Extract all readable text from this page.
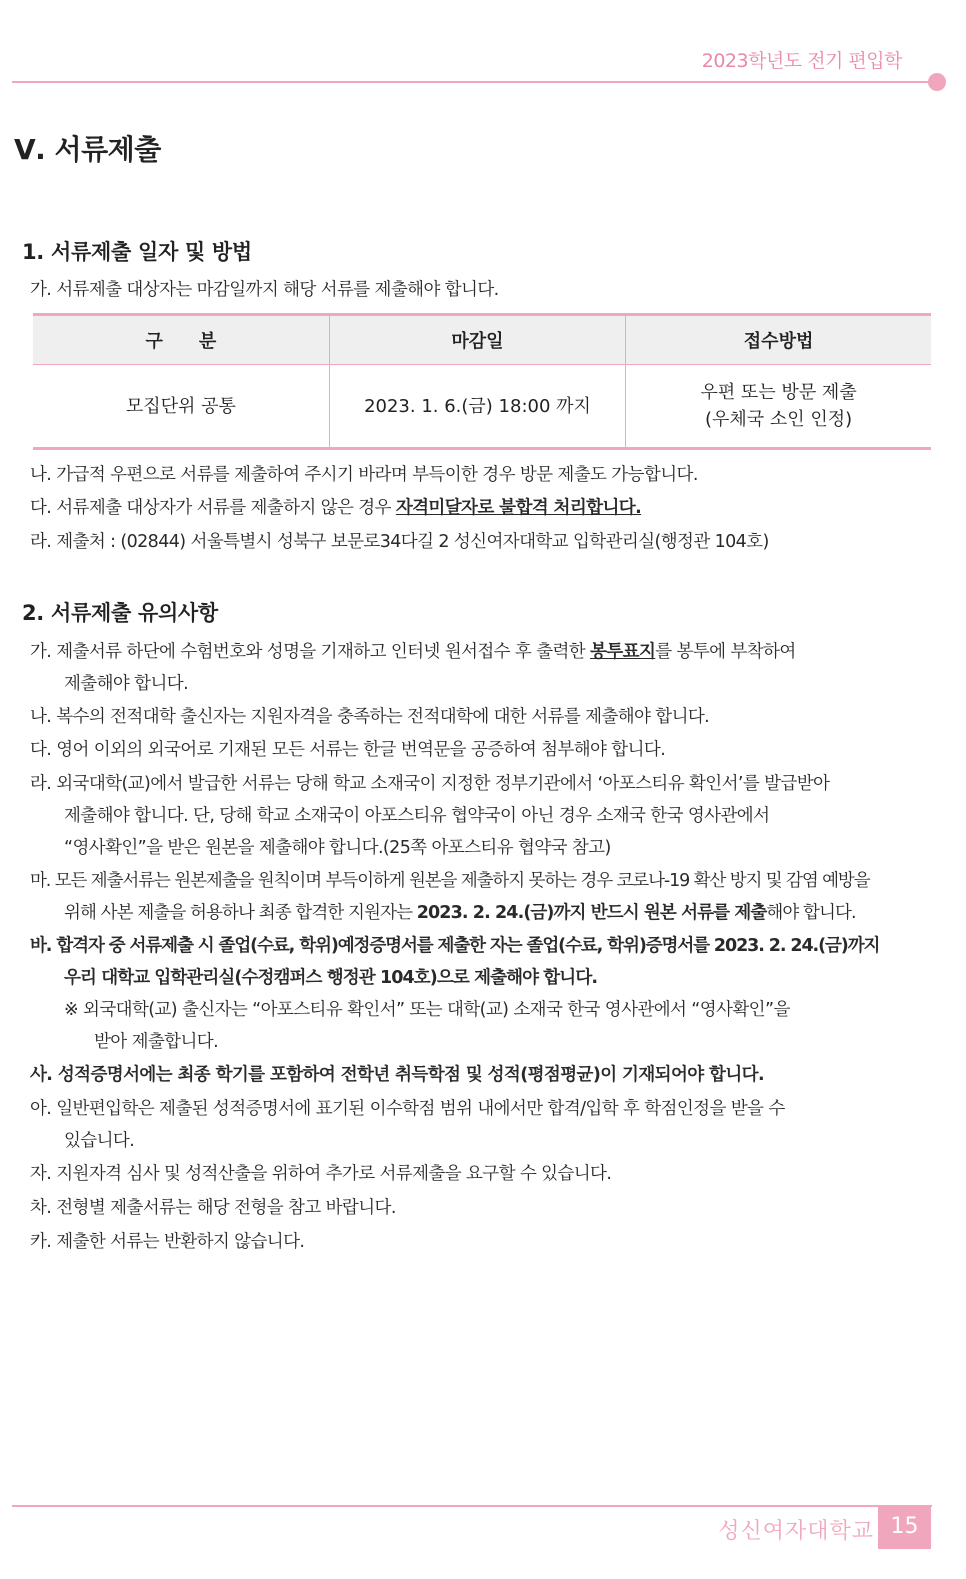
2023학년도 전기 편입학
Ⅴ. 서류제출
1. 서류제출 일자 및 방법
가. 서류제출 대상자는 마감일까지 해당 서류를 제출해야 합니다.
구　　분	마감일	접수방법
모집단위 공통	2023. 1. 6.(금) 18:00 까지	우편 또는 방문 제출
(우체국 소인 인정)
나. 가급적 우편으로 서류를 제출하여 주시기 바라며 부득이한 경우 방문 제출도 가능합니다.
다. 서류제출 대상자가 서류를 제출하지 않은 경우 자격미달자로 불합격 처리합니다.
라. 제출처 : (02844) 서울특별시 성북구 보문로34다길 2 성신여자대학교 입학관리실(행정관 104호)
2. 서류제출 유의사항
가. 제출서류 하단에 수험번호와 성명을 기재하고 인터넷 원서접수 후 출력한 봉투표지를 봉투에 부착하여
제출해야 합니다.
나. 복수의 전적대학 출신자는 지원자격을 충족하는 전적대학에 대한 서류를 제출해야 합니다.
다. 영어 이외의 외국어로 기재된 모든 서류는 한글 번역문을 공증하여 첨부해야 합니다.
라. 외국대학(교)에서 발급한 서류는 당해 학교 소재국이 지정한 정부기관에서 ‘아포스티유 확인서’를 발급받아
제출해야 합니다. 단, 당해 학교 소재국이 아포스티유 협약국이 아닌 경우 소재국 한국 영사관에서
“영사확인”을 받은 원본을 제출해야 합니다.(25쪽 아포스티유 협약국 참고)
마. 모든 제출서류는 원본제출을 원칙이며 부득이하게 원본을 제출하지 못하는 경우 코로나-19 확산 방지 및 감염 예방을
위해 사본 제출을 허용하나 최종 합격한 지원자는 2023. 2. 24.(금)까지 반드시 원본 서류를 제출해야 합니다.
바. 합격자 중 서류제출 시 졸업(수료, 학위)예정증명서를 제출한 자는 졸업(수료, 학위)증명서를 2023. 2. 24.(금)까지
우리 대학교 입학관리실(수정캠퍼스 행정관 104호)으로 제출해야 합니다.
※ 외국대학(교) 출신자는 “아포스티유 확인서” 또는 대학(교) 소재국 한국 영사관에서 “영사확인”을
받아 제출합니다.
사. 성적증명서에는 최종 학기를 포함하여 전학년 취득학점 및 성적(평점평균)이 기재되어야 합니다.
아. 일반편입학은 제출된 성적증명서에 표기된 이수학점 범위 내에서만 합격/입학 후 학점인정을 받을 수
있습니다.
자. 지원자격 심사 및 성적산출을 위하여 추가로 서류제출을 요구할 수 있습니다.
차. 전형별 제출서류는 해당 전형을 참고 바랍니다.
카. 제출한 서류는 반환하지 않습니다.
성신여자대학교 15
